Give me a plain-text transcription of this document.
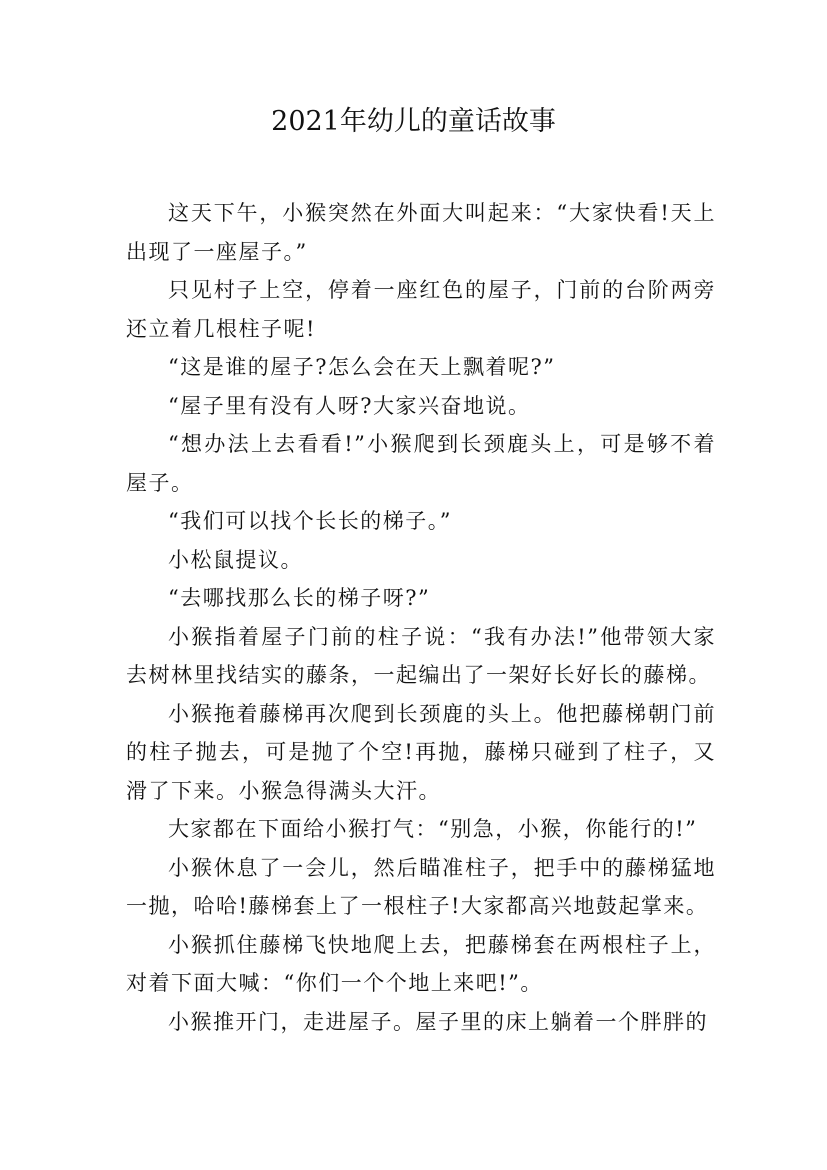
2021年幼儿的童话故事

这天下午，小猴突然在外面大叫起来：“大家快看!天上出现了一座屋子。”

只见村子上空，停着一座红色的屋子，门前的台阶两旁还立着几根柱子呢!

“这是谁的屋子?怎么会在天上飘着呢?”

“屋子里有没有人呀?大家兴奋地说。

“想办法上去看看!”小猴爬到长颈鹿头上，可是够不着屋子。

“我们可以找个长长的梯子。”

小松鼠提议。

“去哪找那么长的梯子呀?”

小猴指着屋子门前的柱子说：“我有办法!”他带领大家去树林里找结实的藤条，一起编出了一架好长好长的藤梯。

小猴拖着藤梯再次爬到长颈鹿的头上。他把藤梯朝门前的柱子抛去，可是抛了个空!再抛，藤梯只碰到了柱子，又滑了下来。小猴急得满头大汗。

大家都在下面给小猴打气：“别急，小猴，你能行的!”

小猴休息了一会儿，然后瞄准柱子，把手中的藤梯猛地一抛，哈哈!藤梯套上了一根柱子!大家都高兴地鼓起掌来。

小猴抓住藤梯飞快地爬上去，把藤梯套在两根柱子上，对着下面大喊：“你们一个个地上来吧!”。

小猴推开门，走进屋子。屋子里的床上躺着一个胖胖的
